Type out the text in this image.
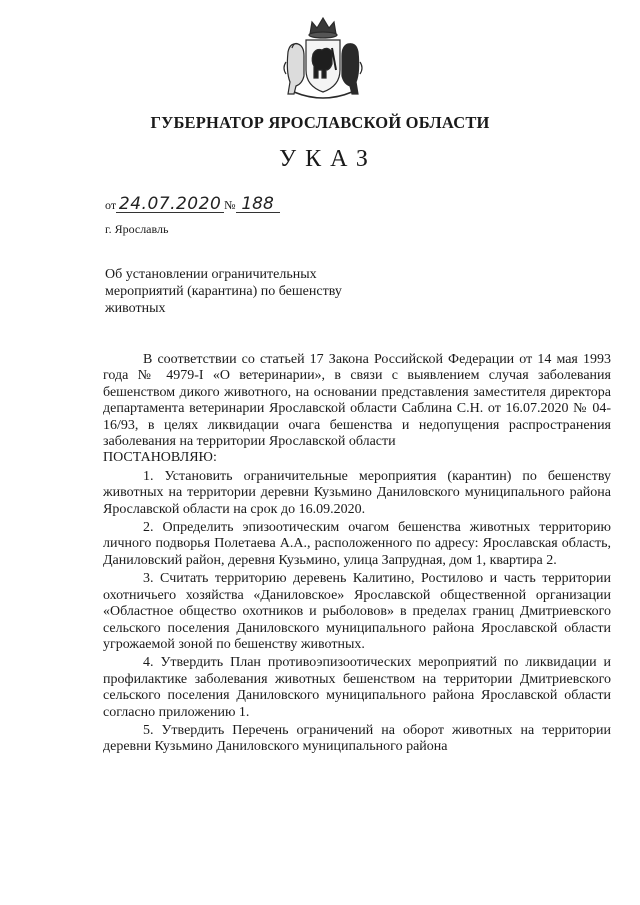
ГУБЕРНАТОР ЯРОСЛАВСКОЙ ОБЛАСТИ
УКАЗ
от 24.07.2020 № 188
г. Ярославль
Об установлении ограничительных мероприятий (карантина) по бешенству животных

В соответствии со статьей 17 Закона Российской Федерации от 14 мая 1993 года № 4979-I «О ветеринарии», в связи с выявлением случая заболевания бешенством дикого животного, на основании представления заместителя директора департамента ветеринарии Ярославской области Саблина С.Н. от 16.07.2020 № 04-16/93, в целях ликвидации очага бешенства и недопущения распространения заболевания на территории Ярославской области

ПОСТАНОВЛЯЮ:

1. Установить ограничительные мероприятия (карантин) по бешенству животных на территории деревни Кузьмино Даниловского муниципального района Ярославской области на срок до 16.09.2020.

2. Определить эпизоотическим очагом бешенства животных территорию личного подворья Полетаева А.А., расположенного по адресу: Ярославская область, Даниловский район, деревня Кузьмино, улица Запрудная, дом 1, квартира 2.

3. Считать территорию деревень Калитино, Ростилово и часть территории охотничьего хозяйства «Даниловское» Ярославской общественной организации «Областное общество охотников и рыболовов» в пределах границ Дмитриевского сельского поселения Даниловского муниципального района Ярославской области угрожаемой зоной по бешенству животных.

4. Утвердить План противоэпизоотических мероприятий по ликвидации и профилактике заболевания животных бешенством на территории Дмитриевского сельского поселения Даниловского муниципального района Ярославской области согласно приложению 1.

5. Утвердить Перечень ограничений на оборот животных на территории деревни Кузьмино Даниловского муниципального района
